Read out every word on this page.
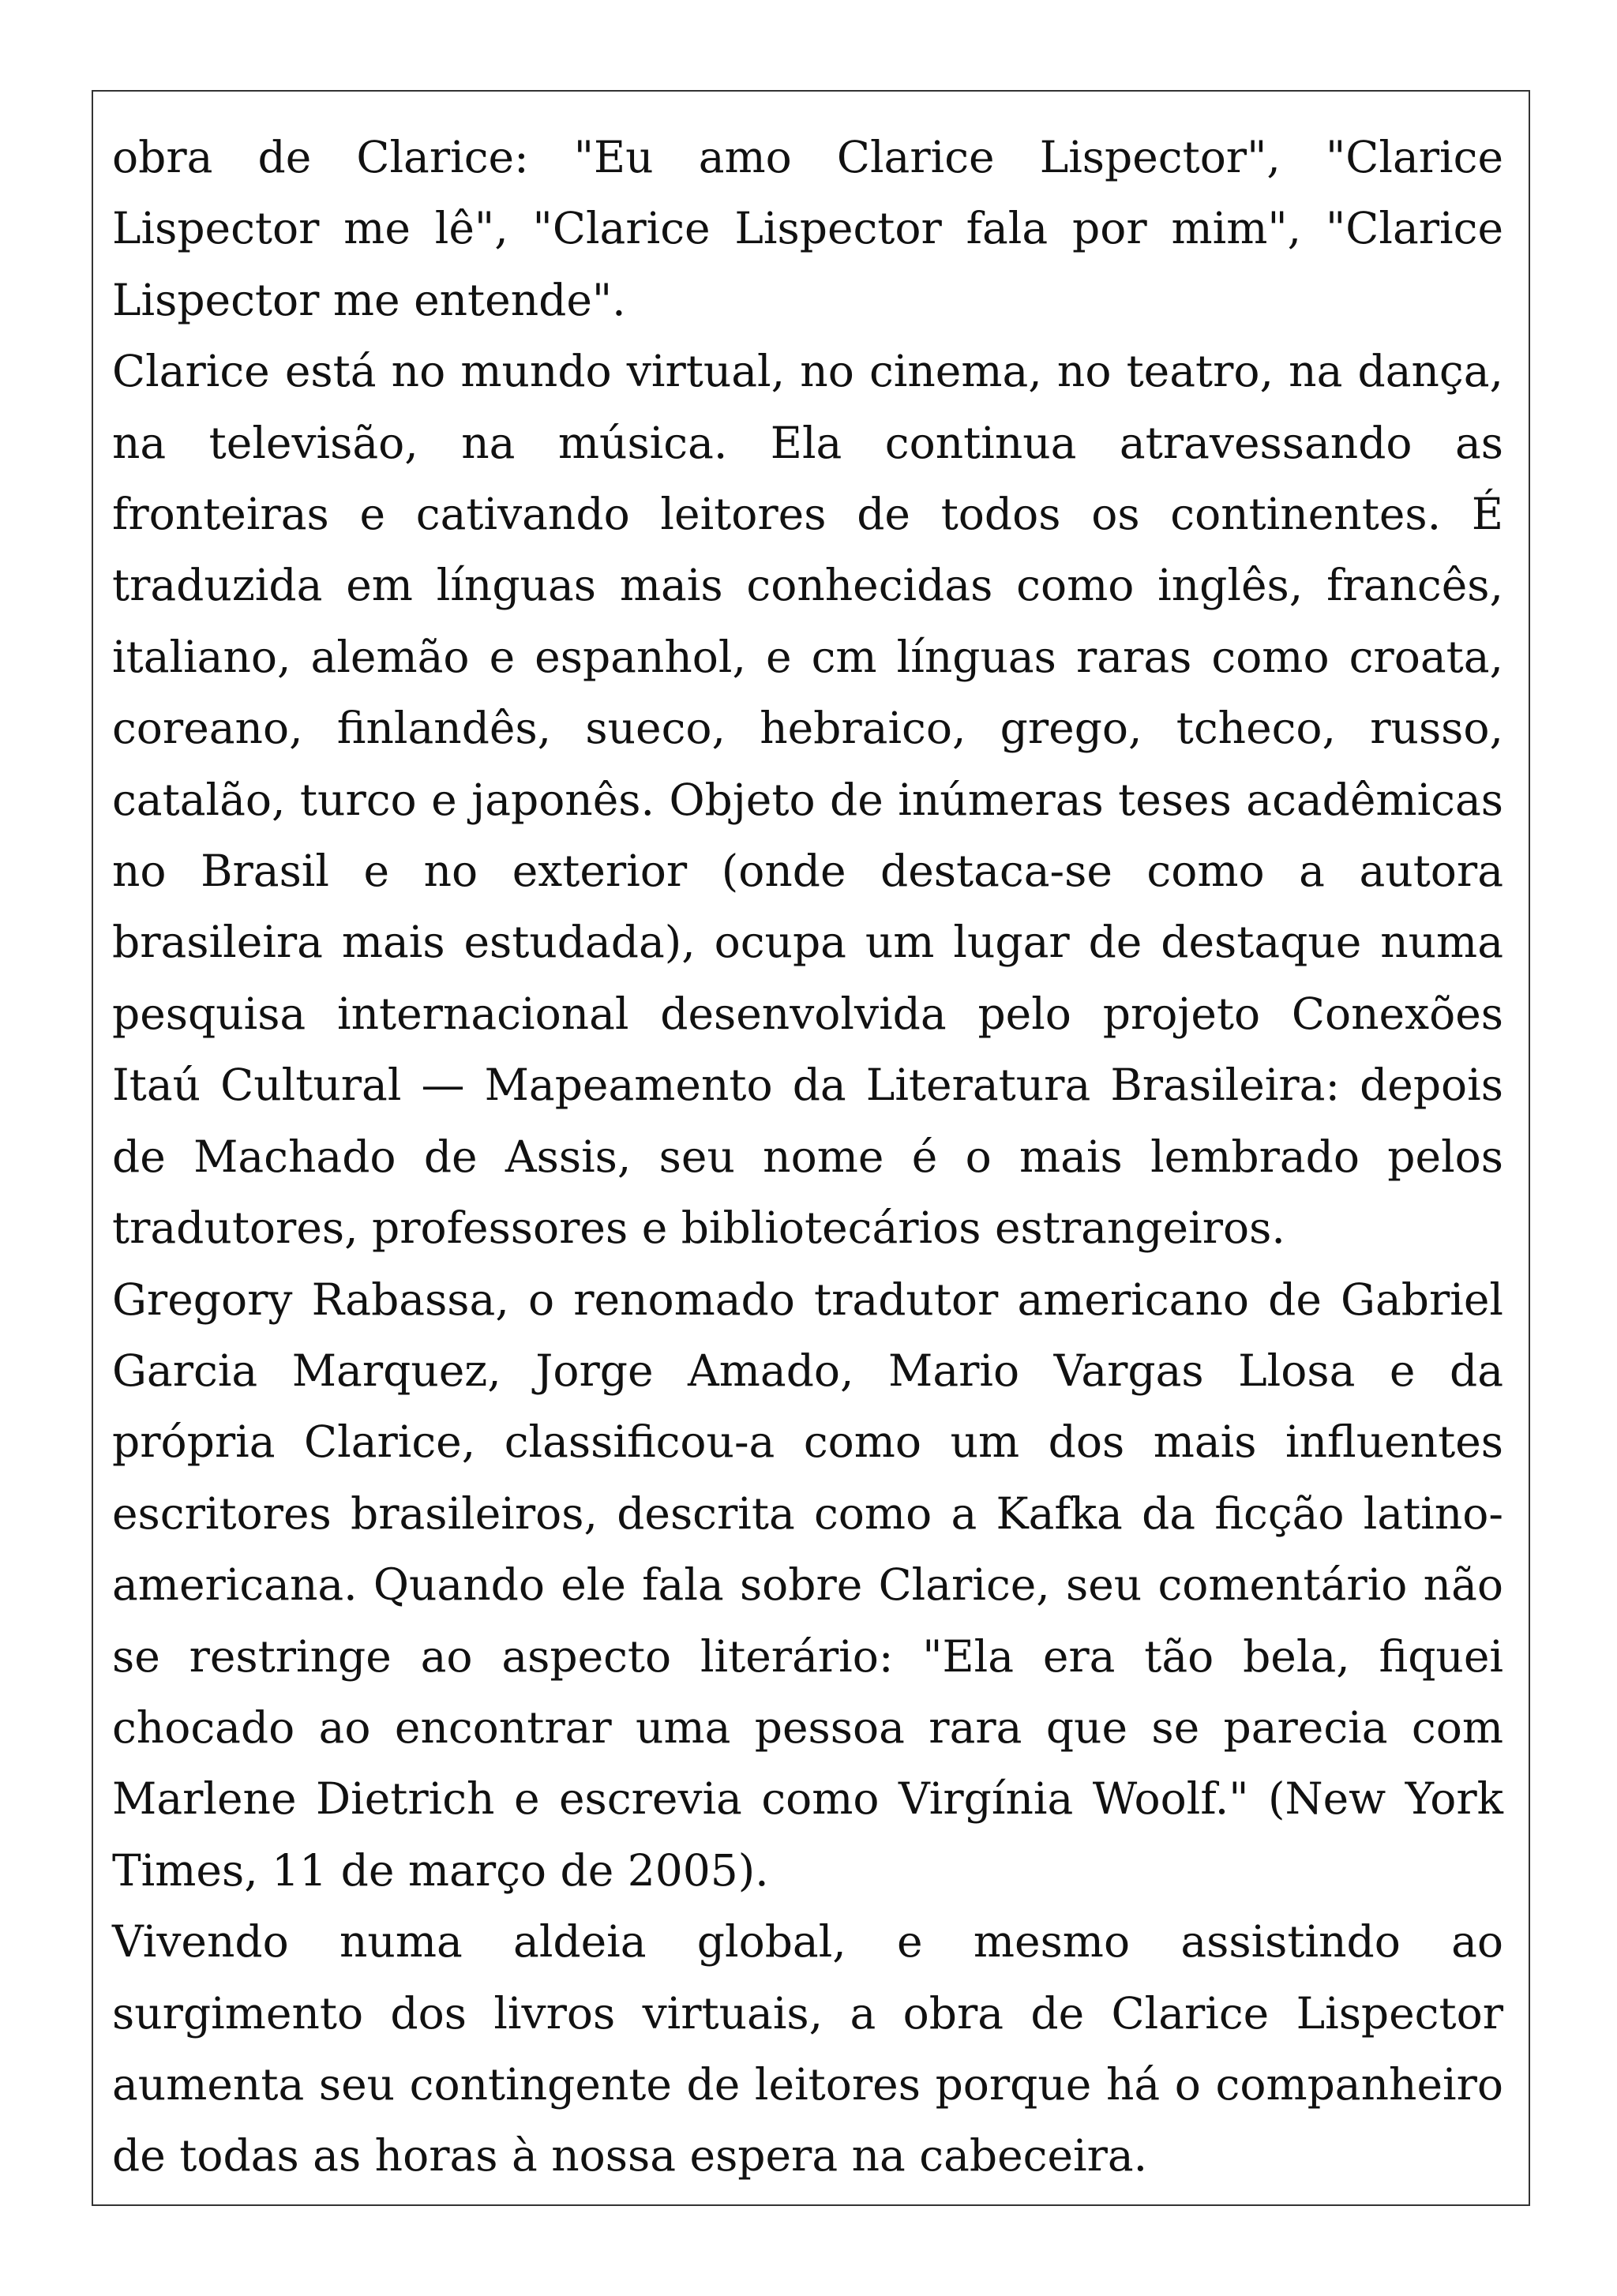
obra de Clarice: "Eu amo Clarice Lispector", "Clarice Lispector me lê", "Clarice Lispector fala por mim", "Clarice Lispector me entende".

Clarice está no mundo virtual, no cinema, no teatro, na dança, na televisão, na música. Ela continua atravessando as fronteiras e cativando leitores de todos os continentes. É traduzida em línguas mais conhecidas como inglês, francês, italiano, alemão e espanhol, e cm línguas raras como croata, coreano, finlandês, sueco, hebraico, grego, tcheco, russo, catalão, turco e japonês. Objeto de inúmeras teses acadêmicas no Brasil e no exterior (onde destaca-se como a autora brasileira mais estudada), ocupa um lugar de destaque numa pesquisa internacional desenvolvida pelo projeto Conexões Itaú Cultural — Mapeamento da Literatura Brasileira: depois de Machado de Assis, seu nome é o mais lembrado pelos tradutores, professores e bibliotecários estrangeiros.

Gregory Rabassa, o renomado tradutor americano de Gabriel Garcia Marquez, Jorge Amado, Mario Vargas Llosa e da própria Clarice, classificou-a como um dos mais influentes escritores brasileiros, descrita como a Kafka da ficção latino-americana. Quando ele fala sobre Clarice, seu comentário não se restringe ao aspecto literário: "Ela era tão bela, fiquei chocado ao encontrar uma pessoa rara que se parecia com Marlene Dietrich e escrevia como Virgínia Woolf." (New York Times, 11 de março de 2005).

Vivendo numa aldeia global, e mesmo assistindo ao surgimento dos livros virtuais, a obra de Clarice Lispector aumenta seu contingente de leitores porque há o companheiro de todas as horas à nossa espera na cabeceira.
